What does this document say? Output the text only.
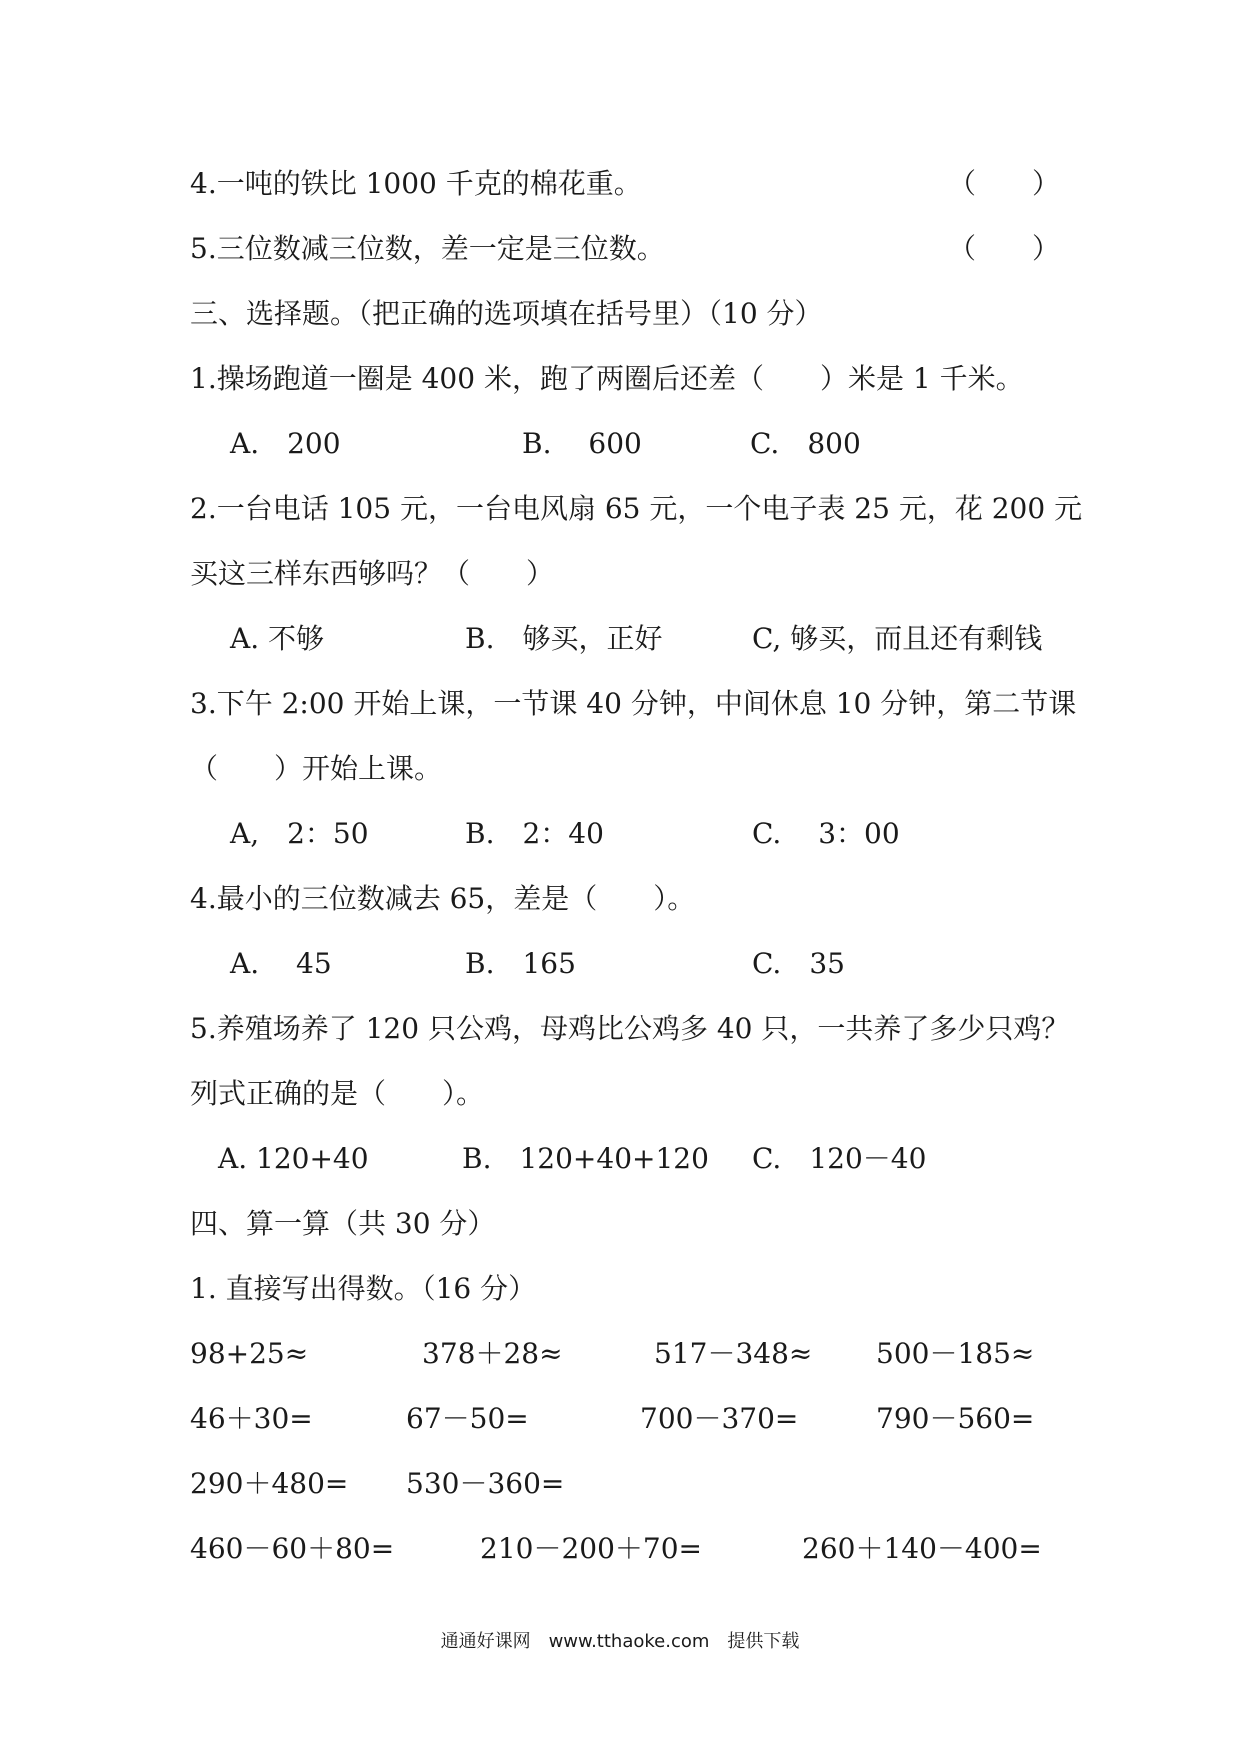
4.一吨的铁比 1000 千克的棉花重。	（　　）
5.三位数减三位数，差一定是三位数。	（　　）
三、选择题。（把正确的选项填在括号里）（10 分）
1.操场跑道一圈是 400 米，跑了两圈后还差（　　）米是 1 千米。
A.　200	B.　 600	C.　800
2.一台电话 105 元，一台电风扇 65 元，一个电子表 25 元，花 200 元
买这三样东西够吗？（　　）
A. 不够	B.　够买，正好	C, 够买，而且还有剩钱
3.下午 2:00 开始上课，一节课 40 分钟，中间休息 10 分钟，第二节课
（　　）开始上课。
A,　2：50	B.　2：40	C.　 3：00
4.最小的三位数减去 65，差是（　　）。
A.　 45	B.　165	C.　35
5.养殖场养了 120 只公鸡，母鸡比公鸡多 40 只，一共养了多少只鸡？
列式正确的是（　　）。
A. 120+40	B.　120+40+120 C.　120－40
四、算一算（共 30 分）
1. 直接写出得数。（16 分）
98+25≈	378＋28≈	517－348≈ 500－185≈
46＋30=	67－50=	700－370=	790－560=
290＋480= 530－360=
460－60＋80=	210－200＋70=	260＋140－400=
通通好课网　www.tthaoke.com　提供下载
